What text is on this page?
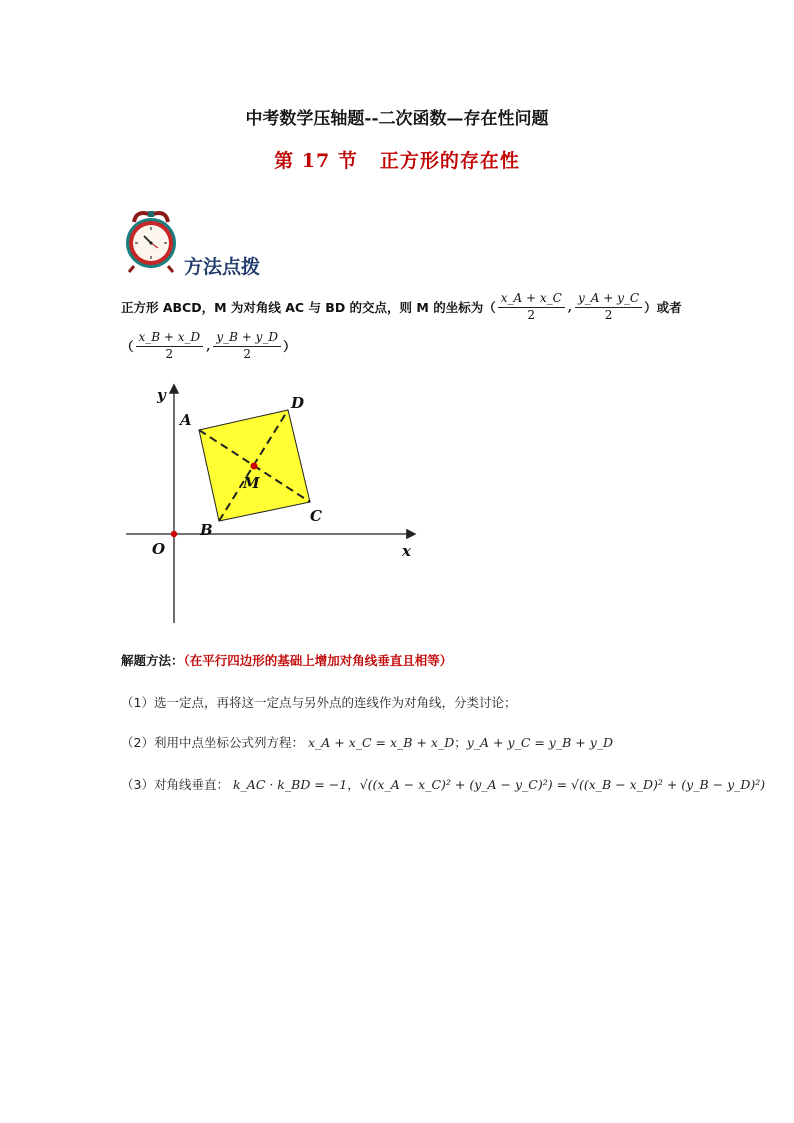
中考数学压轴题--二次函数—存在性问题
第 17 节 正方形的存在性
方法点拨
正方形 ABCD，M 为对角线 AC 与 BD 的交点，则 M 的坐标为（ $\frac{x\_A + x\_C}{2}$ , $\frac{y\_A + y\_C}{2}$ ）或者
（ $\frac{x\_B + x\_D}{2}$ , $\frac{y\_B + y\_D}{2}$ ）
y
x
O
A
B
C
D
M
解题方法：（在平行四边形的基础上增加对角线垂直且相等）
（1）选一定点，再将这一定点与另外点的连线作为对角线，分类讨论；
（2）利用中点坐标公式列方程： x_A + x_C = x_B + x_D ； y_A + y_C = y_B + y_D
（3）对角线垂直： k_AC · k_BD = −1 ， √((x_A − x_C)² + (y_A − y_C)²) = √((x_B − x_D)² + (y_B − y_D)²)
